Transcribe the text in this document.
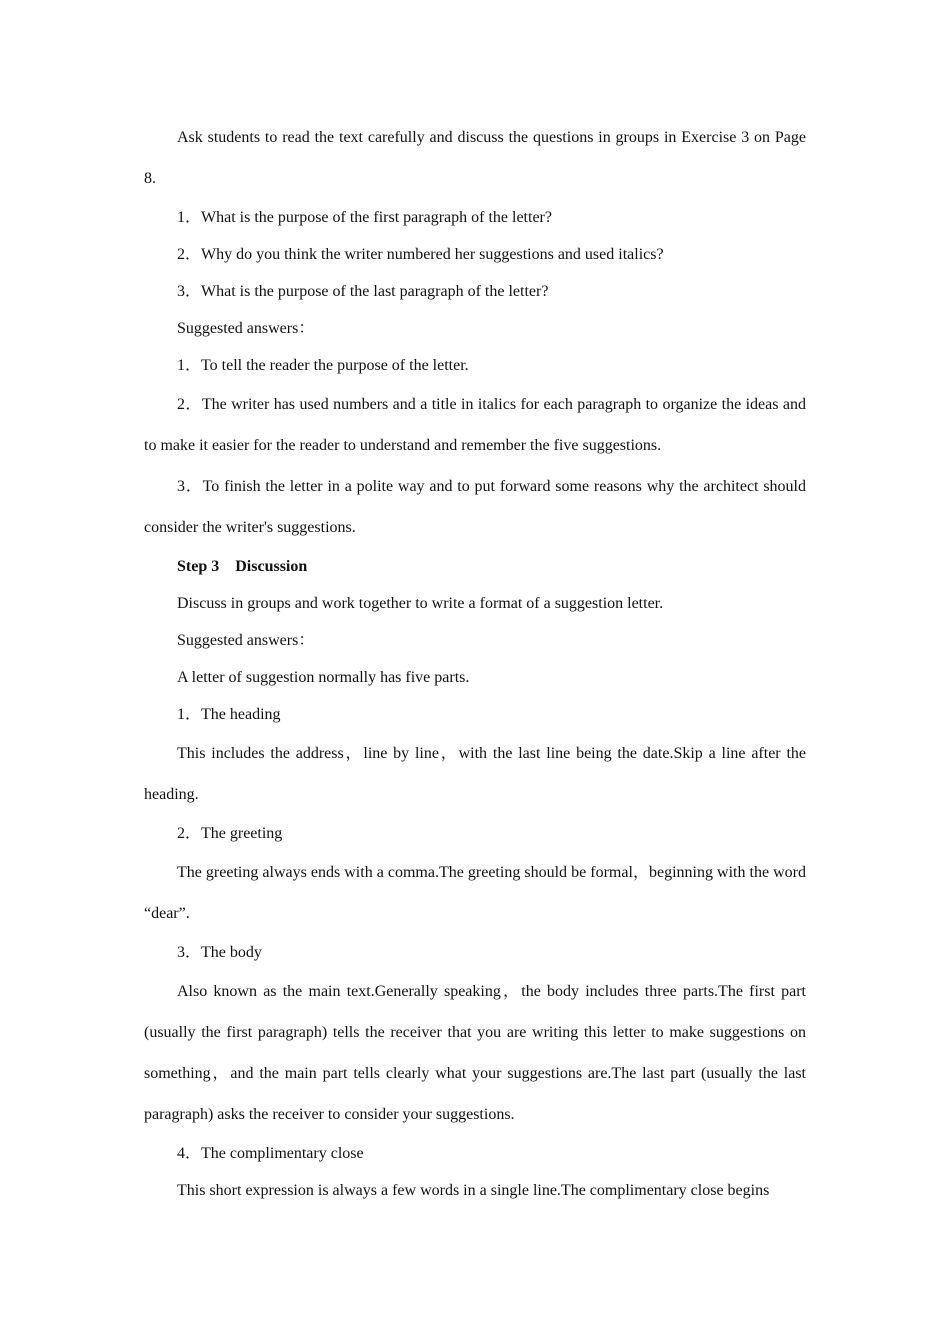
Ask students to read the text carefully and discuss the questions in groups in Exercise 3 on Page 8.

1．What is the purpose of the first paragraph of the letter?

2．Why do you think the writer numbered her suggestions and used italics?

3．What is the purpose of the last paragraph of the letter?

Suggested answers：

1．To tell the reader the purpose of the letter.

2．The writer has used numbers and a title in italics for each paragraph to organize the ideas and to make it easier for the reader to understand and remember the five suggestions.

3．To finish the letter in a polite way and to put forward some reasons why the architect should consider the writer's suggestions.

Step 3 Discussion

Discuss in groups and work together to write a format of a suggestion letter.

Suggested answers：

A letter of suggestion normally has five parts.

1．The heading

This includes the address，line by line，with the last line being the date.Skip a line after the heading.

2．The greeting

The greeting always ends with a comma.The greeting should be formal，beginning with the word “dear”.

3．The body

Also known as the main text.Generally speaking，the body includes three parts.The first part (usually the first paragraph) tells the receiver that you are writing this letter to make suggestions on something，and the main part tells clearly what your suggestions are.The last part (usually the last paragraph) asks the receiver to consider your suggestions.

4．The complimentary close

This short expression is always a few words in a single line.The complimentary close begins
